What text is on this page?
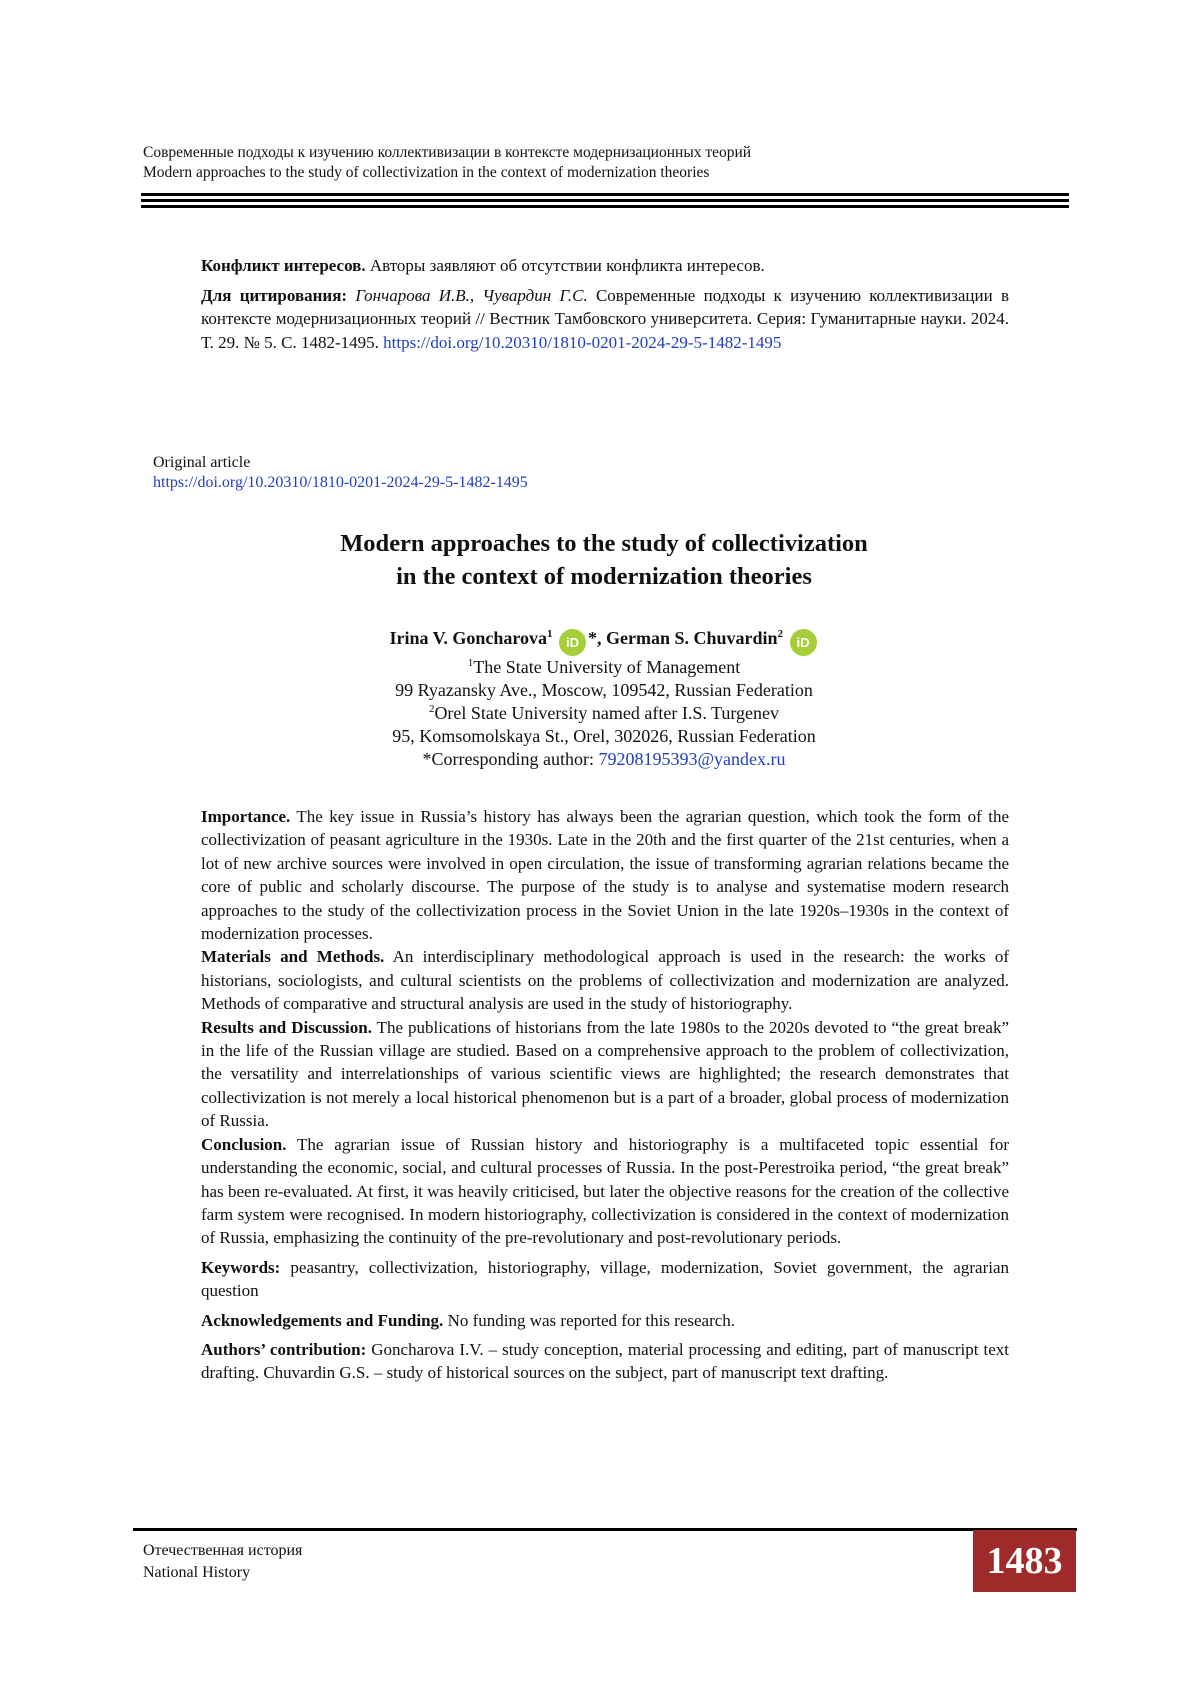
Современные подходы к изучению коллективизации в контексте модернизационных теорий
Modern approaches to the study of collectivization in the context of modernization theories

Конфликт интересов. Авторы заявляют об отсутствии конфликта интересов.

Для цитирования: Гончарова И.В., Чувардин Г.С. Современные подходы к изучению коллективизации в контексте модернизационных теорий // Вестник Тамбовского университета. Серия: Гуманитарные науки. 2024. Т. 29. № 5. С. 1482-1495. https://doi.org/10.20310/1810-0201-2024-29-5-1482-1495

Original article
https://doi.org/10.20310/1810-0201-2024-29-5-1482-1495
Modern approaches to the study of collectivization
in the context of modernization theories
Irina V. Goncharova$^1$ iD *, German S. Chuvardin$^2$ iD
$^1$The State University of Management
99 Ryazansky Ave., Moscow, 109542, Russian Federation
$^2$Orel State University named after I.S. Turgenev
95, Komsomolskaya St., Orel, 302026, Russian Federation
*Corresponding author: 79208195393@yandex.ru

Importance. The key issue in Russia’s history has always been the agrarian question, which took the form of the collectivization of peasant agriculture in the 1930s. Late in the 20th and the first quarter of the 21st centuries, when a lot of new archive sources were involved in open circulation, the issue of transforming agrarian relations became the core of public and scholarly discourse. The purpose of the study is to analyse and systematise modern research approaches to the study of the collectivization process in the Soviet Union in the late 1920s–1930s in the context of modernization processes.

Materials and Methods. An interdisciplinary methodological approach is used in the research: the works of historians, sociologists, and cultural scientists on the problems of collectivization and modernization are analyzed. Methods of comparative and structural analysis are used in the study of historiography.

Results and Discussion. The publications of historians from the late 1980s to the 2020s devoted to “the great break” in the life of the Russian village are studied. Based on a comprehensive approach to the problem of collectivization, the versatility and interrelationships of various scientific views are highlighted; the research demonstrates that collectivization is not merely a local historical phenomenon but is a part of a broader, global process of modernization of Russia.

Conclusion. The agrarian issue of Russian history and historiography is a multifaceted topic essential for understanding the economic, social, and cultural processes of Russia. In the post-Perestroika period, “the great break” has been re-evaluated. At first, it was heavily criticised, but later the objective reasons for the creation of the collective farm system were recognised. In modern historiography, collectivization is considered in the context of modernization of Russia, emphasizing the continuity of the pre-revolutionary and post-revolutionary periods.

Keywords: peasantry, collectivization, historiography, village, modernization, Soviet government, the agrarian question

Acknowledgements and Funding. No funding was reported for this research.

Authors’ contribution: Goncharova I.V. – study conception, material processing and editing, part of manuscript text drafting. Chuvardin G.S. – study of historical sources on the subject, part of manuscript text drafting.

Отечественная история
National History	1483
